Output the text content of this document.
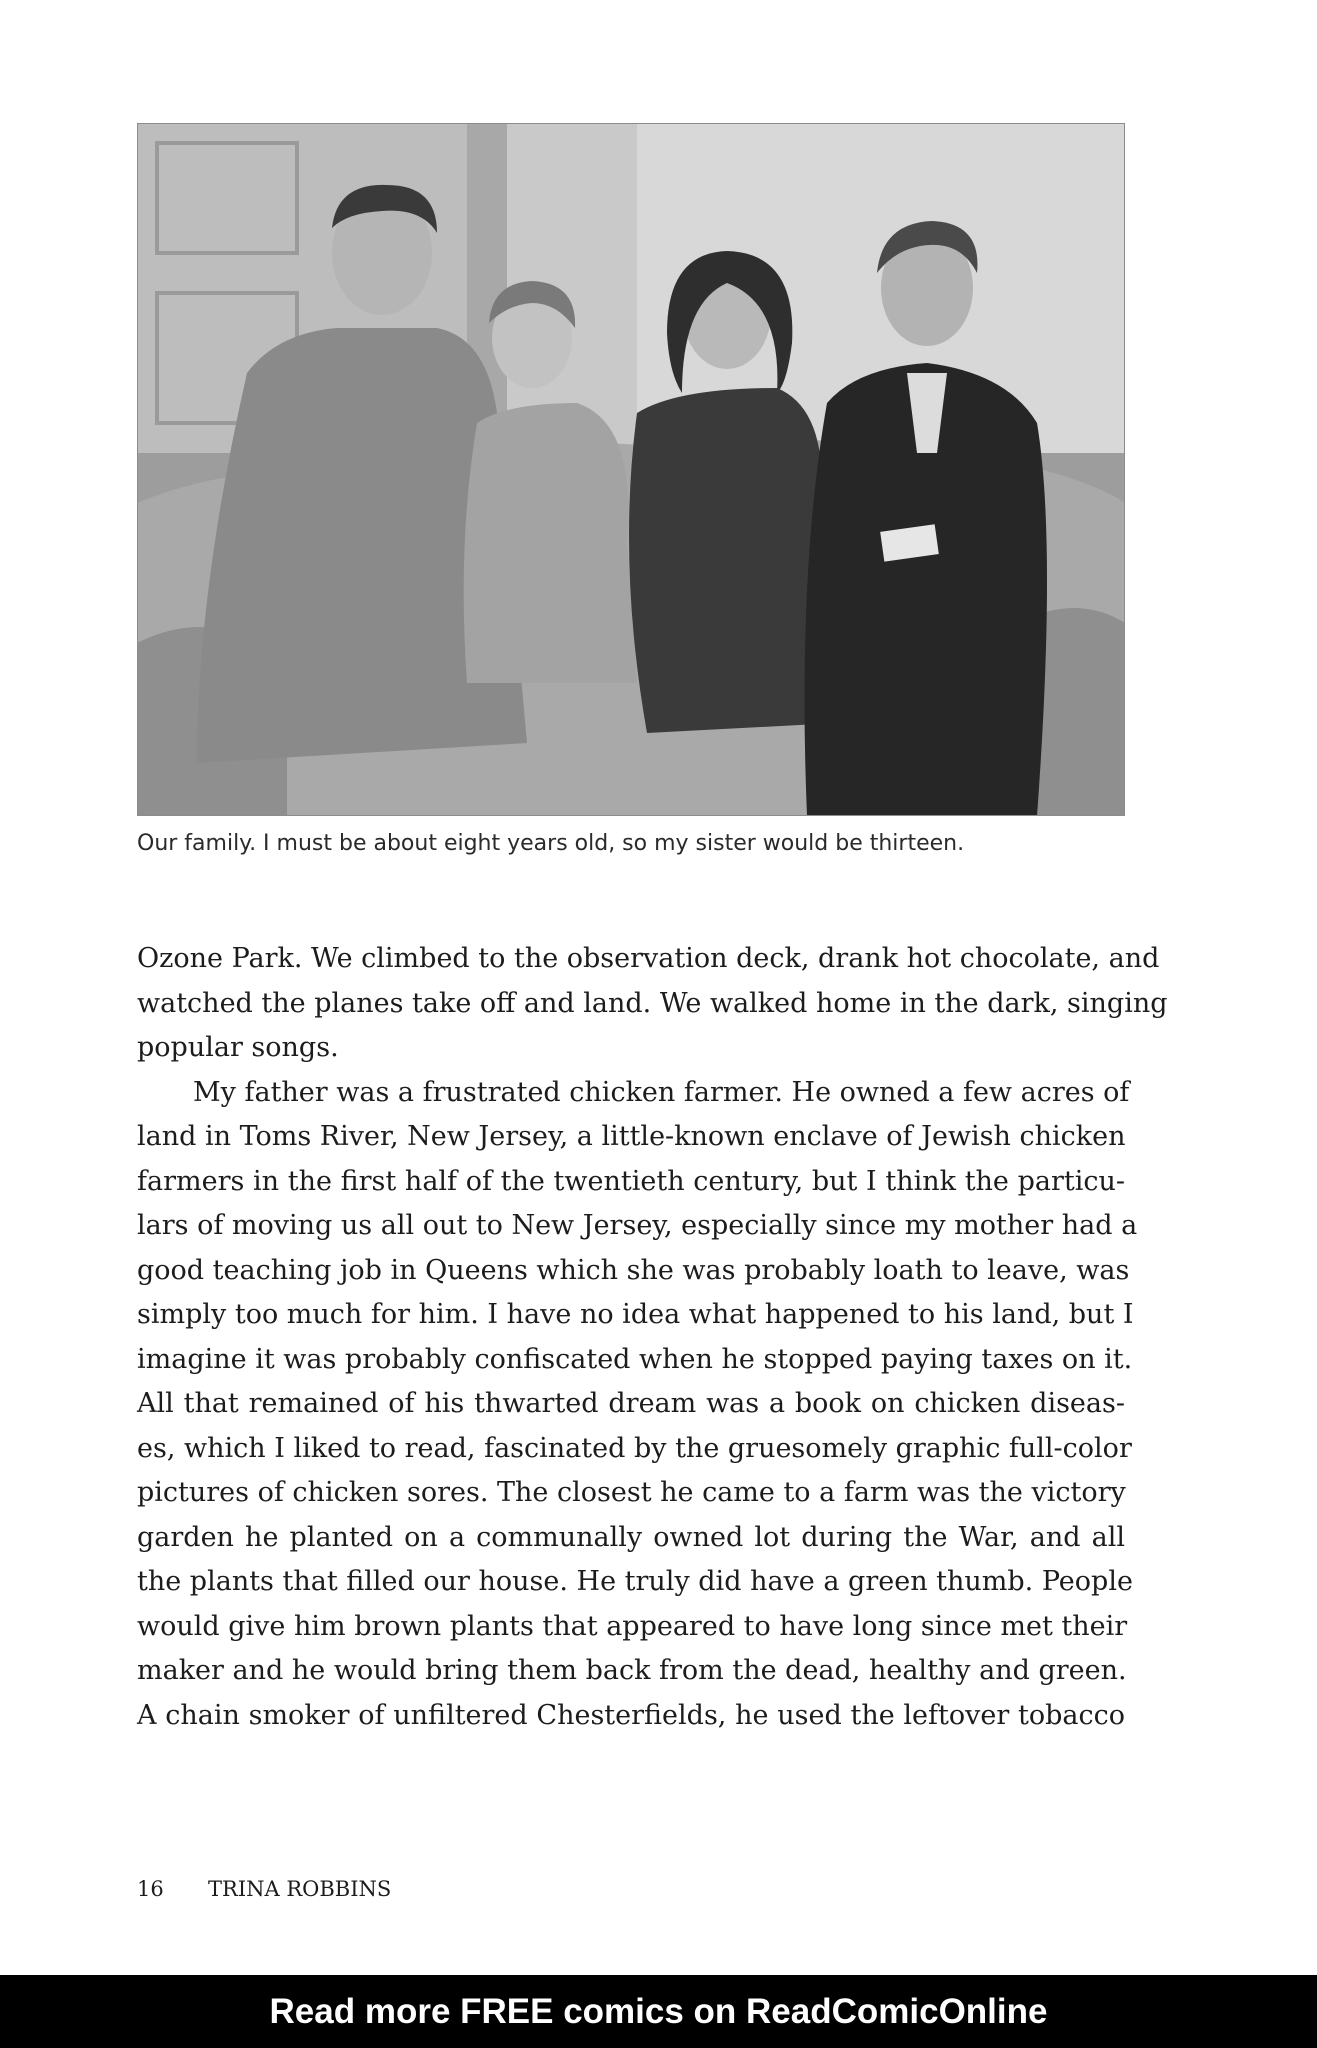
Our family. I must be about eight years old, so my sister would be thirteen.
Ozone Park. We climbed to the observation deck, drank hot chocolate, and
watched the planes take off and land. We walked home in the dark, singing
popular songs.
My father was a frustrated chicken farmer. He owned a few acres of
land in Toms River, New Jersey, a little-known enclave of Jewish chicken
farmers in the first half of the twentieth century, but I think the particu-
lars of moving us all out to New Jersey, especially since my mother had a
good teaching job in Queens which she was probably loath to leave, was
simply too much for him. I have no idea what happened to his land, but I
imagine it was probably confiscated when he stopped paying taxes on it.
All that remained of his thwarted dream was a book on chicken diseas-
es, which I liked to read, fascinated by the gruesomely graphic full-color
pictures of chicken sores. The closest he came to a farm was the victory
garden he planted on a communally owned lot during the War, and all
the plants that filled our house. He truly did have a green thumb. People
would give him brown plants that appeared to have long since met their
maker and he would bring them back from the dead, healthy and green.
A chain smoker of unfiltered Chesterfields, he used the leftover tobacco
16 TRINA ROBBINS
Read more FREE comics on ReadComicOnline
